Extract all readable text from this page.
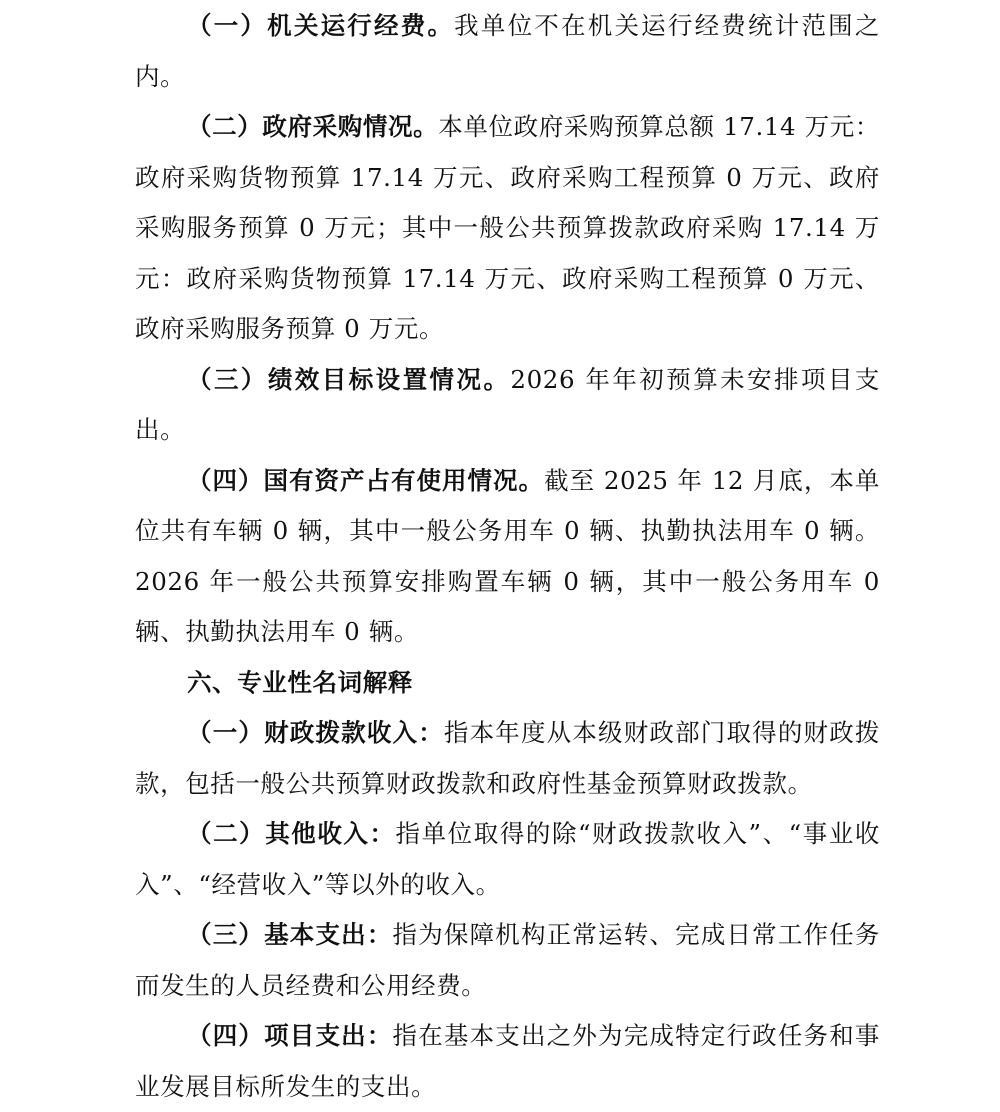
（一）机关运行经费。我单位不在机关运行经费统计范围之内。

（二）政府采购情况。本单位政府采购预算总额 17.14 万元：政府采购货物预算 17.14 万元、政府采购工程预算 0 万元、政府采购服务预算 0 万元；其中一般公共预算拨款政府采购 17.14 万元：政府采购货物预算 17.14 万元、政府采购工程预算 0 万元、政府采购服务预算 0 万元。

（三）绩效目标设置情况。2026 年年初预算未安排项目支出。

（四）国有资产占有使用情况。截至 2025 年 12 月底，本单位共有车辆 0 辆，其中一般公务用车 0 辆、执勤执法用车 0 辆。2026 年一般公共预算安排购置车辆 0 辆，其中一般公务用车 0 辆、执勤执法用车 0 辆。

六、专业性名词解释

（一）财政拨款收入：指本年度从本级财政部门取得的财政拨款，包括一般公共预算财政拨款和政府性基金预算财政拨款。

（二）其他收入：指单位取得的除“财政拨款收入”、“事业收入”、“经营收入”等以外的收入。

（三）基本支出：指为保障机构正常运转、完成日常工作任务而发生的人员经费和公用经费。

（四）项目支出：指在基本支出之外为完成特定行政任务和事业发展目标所发生的支出。
